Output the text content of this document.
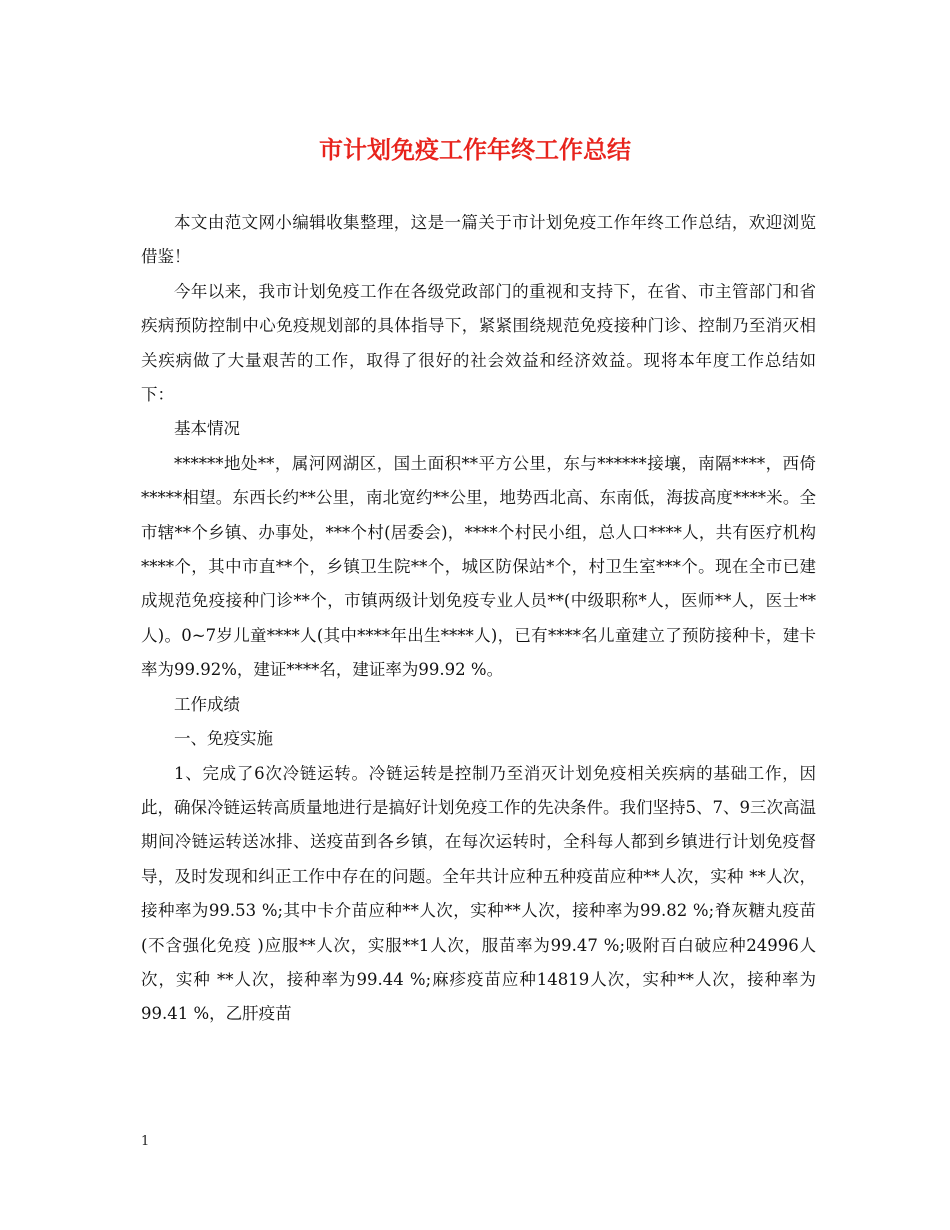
市计划免疫工作年终工作总结

本文由范文网小编辑收集整理，这是一篇关于市计划免疫工作年终工作总结，欢迎浏览借鉴！

今年以来，我市计划免疫工作在各级党政部门的重视和支持下，在省、市主管部门和省疾病预防控制中心免疫规划部的具体指导下，紧紧围绕规范免疫接种门诊、控制乃至消灭相关疾病做了大量艰苦的工作，取得了很好的社会效益和经济效益。现将本年度工作总结如下：

基本情况

******地处**，属河网湖区，国土面积**平方公里，东与******接壤，南隔****，西倚*****相望。东西长约**公里，南北宽约**公里，地势西北高、东南低，海拔高度****米。全市辖**个乡镇、办事处，***个村(居委会)，****个村民小组，总人口****人，共有医疗机构****个，其中市直**个，乡镇卫生院**个，城区防保站*个，村卫生室***个。现在全市已建成规范免疫接种门诊**个，市镇两级计划免疫专业人员**(中级职称*人，医师**人，医士**人)。0~7岁儿童****人(其中****年出生****人)，已有****名儿童建立了预防接种卡，建卡率为99.92%，建证****名，建证率为99.92 %。

工作成绩

一、免疫实施

1、完成了6次冷链运转。冷链运转是控制乃至消灭计划免疫相关疾病的基础工作，因此，确保冷链运转高质量地进行是搞好计划免疫工作的先决条件。我们坚持5、7、9三次高温期间冷链运转送冰排、送疫苗到各乡镇，在每次运转时，全科每人都到乡镇进行计划免疫督导，及时发现和纠正工作中存在的问题。全年共计应种五种疫苗应种**人次，实种 **人次，接种率为99.53 %;其中卡介苗应种**人次，实种**人次，接种率为99.82 %;脊灰糖丸疫苗(不含强化免疫 )应服**人次，实服**1人次，服苗率为99.47 %;吸附百白破应种24996人次，实种 **人次，接种率为99.44 %;麻疹疫苗应种14819人次，实种**人次，接种率为99.41 %，乙肝疫苗

1
